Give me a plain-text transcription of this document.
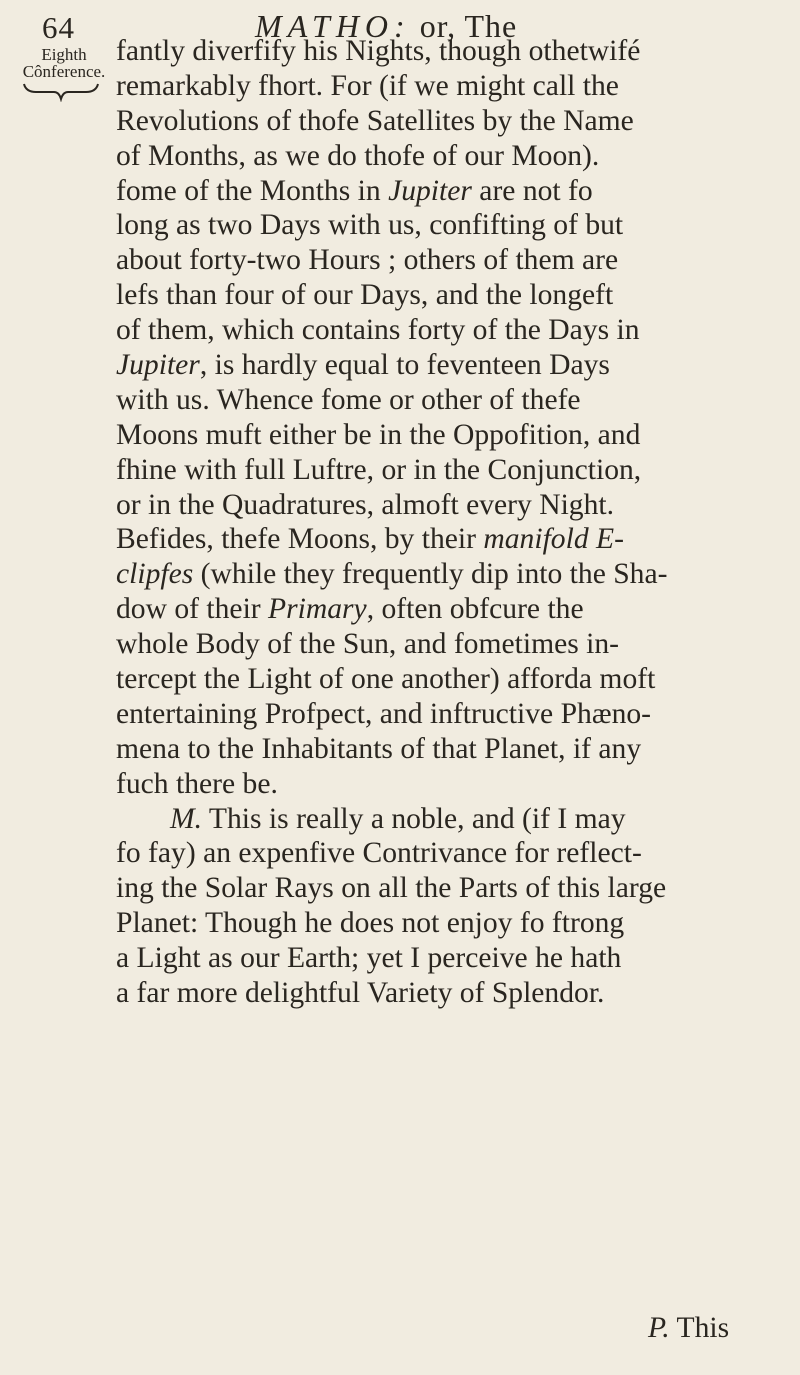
64	MATHO: or, The
Eighth
Cônference.
fantly diverfify his Nights, though othetwifé
remarkably fhort. For (if we might call the
Revolutions of thofe Satellites by the Name
of Months, as we do thofe of our Moon).
fome of the Months in Jupiter are not fo
long as two Days with us, confifting of but
about forty-two Hours ; others of them are
lefs than four of our Days, and the longeft
of them, which contains forty of the Days in
Jupiter, is hardly equal to feventeen Days
with us. Whence fome or other of thefe
Moons muft either be in the Oppofition, and
fhine with full Luftre, or in the Conjunction,
or in the Quadratures, almoft every Night.
Befides, thefe Moons, by their manifold E-
clipfes (while they frequently dip into the Sha-
dow of their Primary, often obfcure the
whole Body of the Sun, and fometimes in-
tercept the Light of one another) afforda moft
entertaining Profpect, and inftructive Phæno-
mena to the Inhabitants of that Planet, if any
fuch there be.
M. This is really a noble, and (if I may
fo fay) an expenfive Contrivance for reflect-
ing the Solar Rays on all the Parts of this large
Planet: Though he does not enjoy fo ftrong
a Light as our Earth; yet I perceive he hath
a far more delightful Variety of Splendor.
P. This
